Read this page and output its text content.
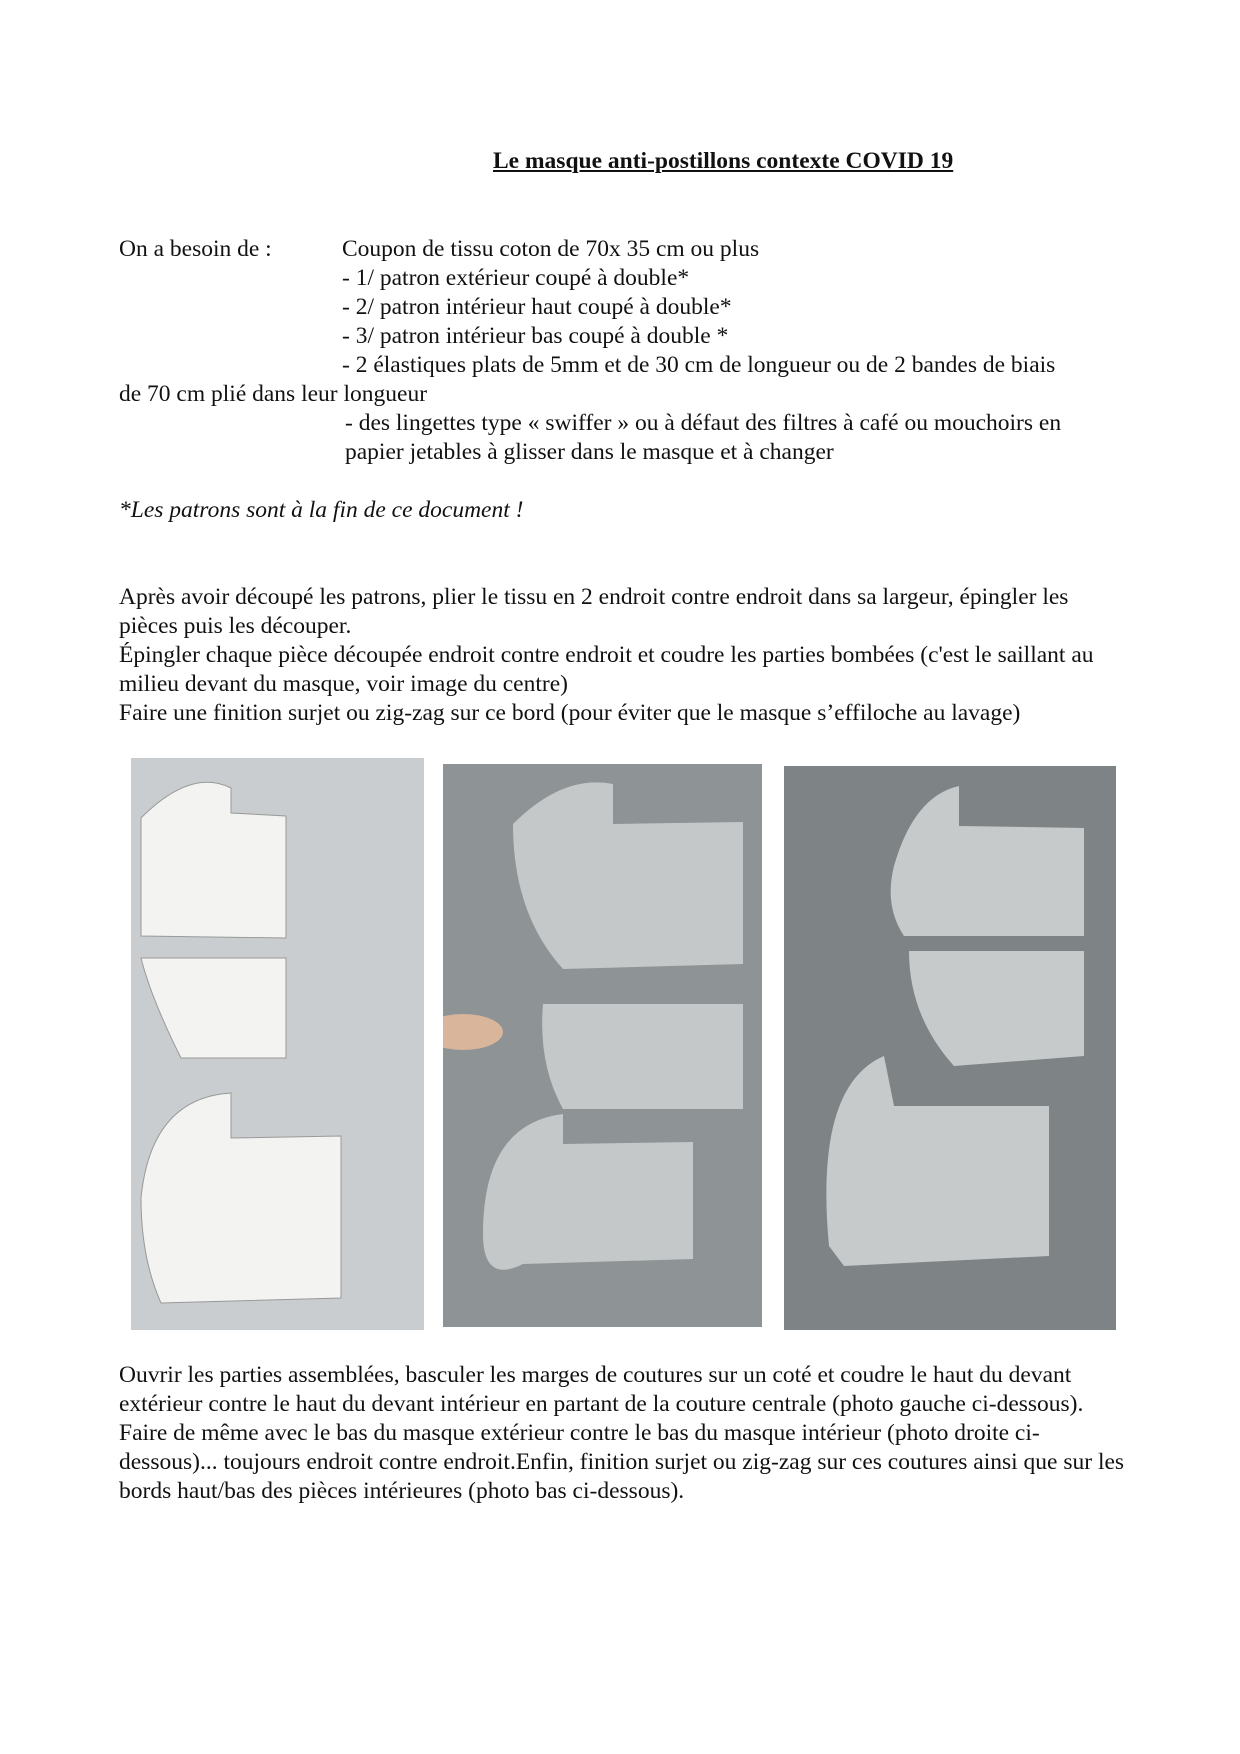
Le masque anti-postillons contexte COVID 19
On a besoin de :	Coupon de tissu coton de 70x 35 cm ou plus
- 1/ patron extérieur coupé à double*
- 2/ patron intérieur haut coupé à double*
- 3/ patron intérieur bas coupé à double *
- 2 élastiques plats de 5mm et de 30 cm de longueur ou de 2 bandes de biais
de 70 cm plié dans leur longueur
- des lingettes type « swiffer » ou à défaut des filtres à café ou mouchoirs en
papier jetables à glisser dans le masque et à changer
*Les patrons sont à la fin de ce document !
Après avoir découpé les patrons, plier le tissu en 2 endroit contre endroit dans sa largeur, épingler les pièces puis les découper.
Épingler chaque pièce découpée endroit contre endroit et coudre les parties bombées (c'est le saillant au milieu devant du masque, voir image du centre)
Faire une finition surjet ou zig-zag sur ce bord (pour éviter que le masque s’effiloche au lavage)
Ouvrir les parties assemblées, basculer les marges de coutures sur un coté et coudre le haut du devant extérieur contre le haut du devant intérieur en partant de la couture centrale (photo gauche ci-dessous). Faire de même avec le bas du masque extérieur contre le bas du masque intérieur (photo droite ci-dessous)... toujours endroit contre endroit.Enfin, finition surjet ou zig-zag sur ces coutures ainsi que sur les bords haut/bas des pièces intérieures (photo bas ci-dessous).
